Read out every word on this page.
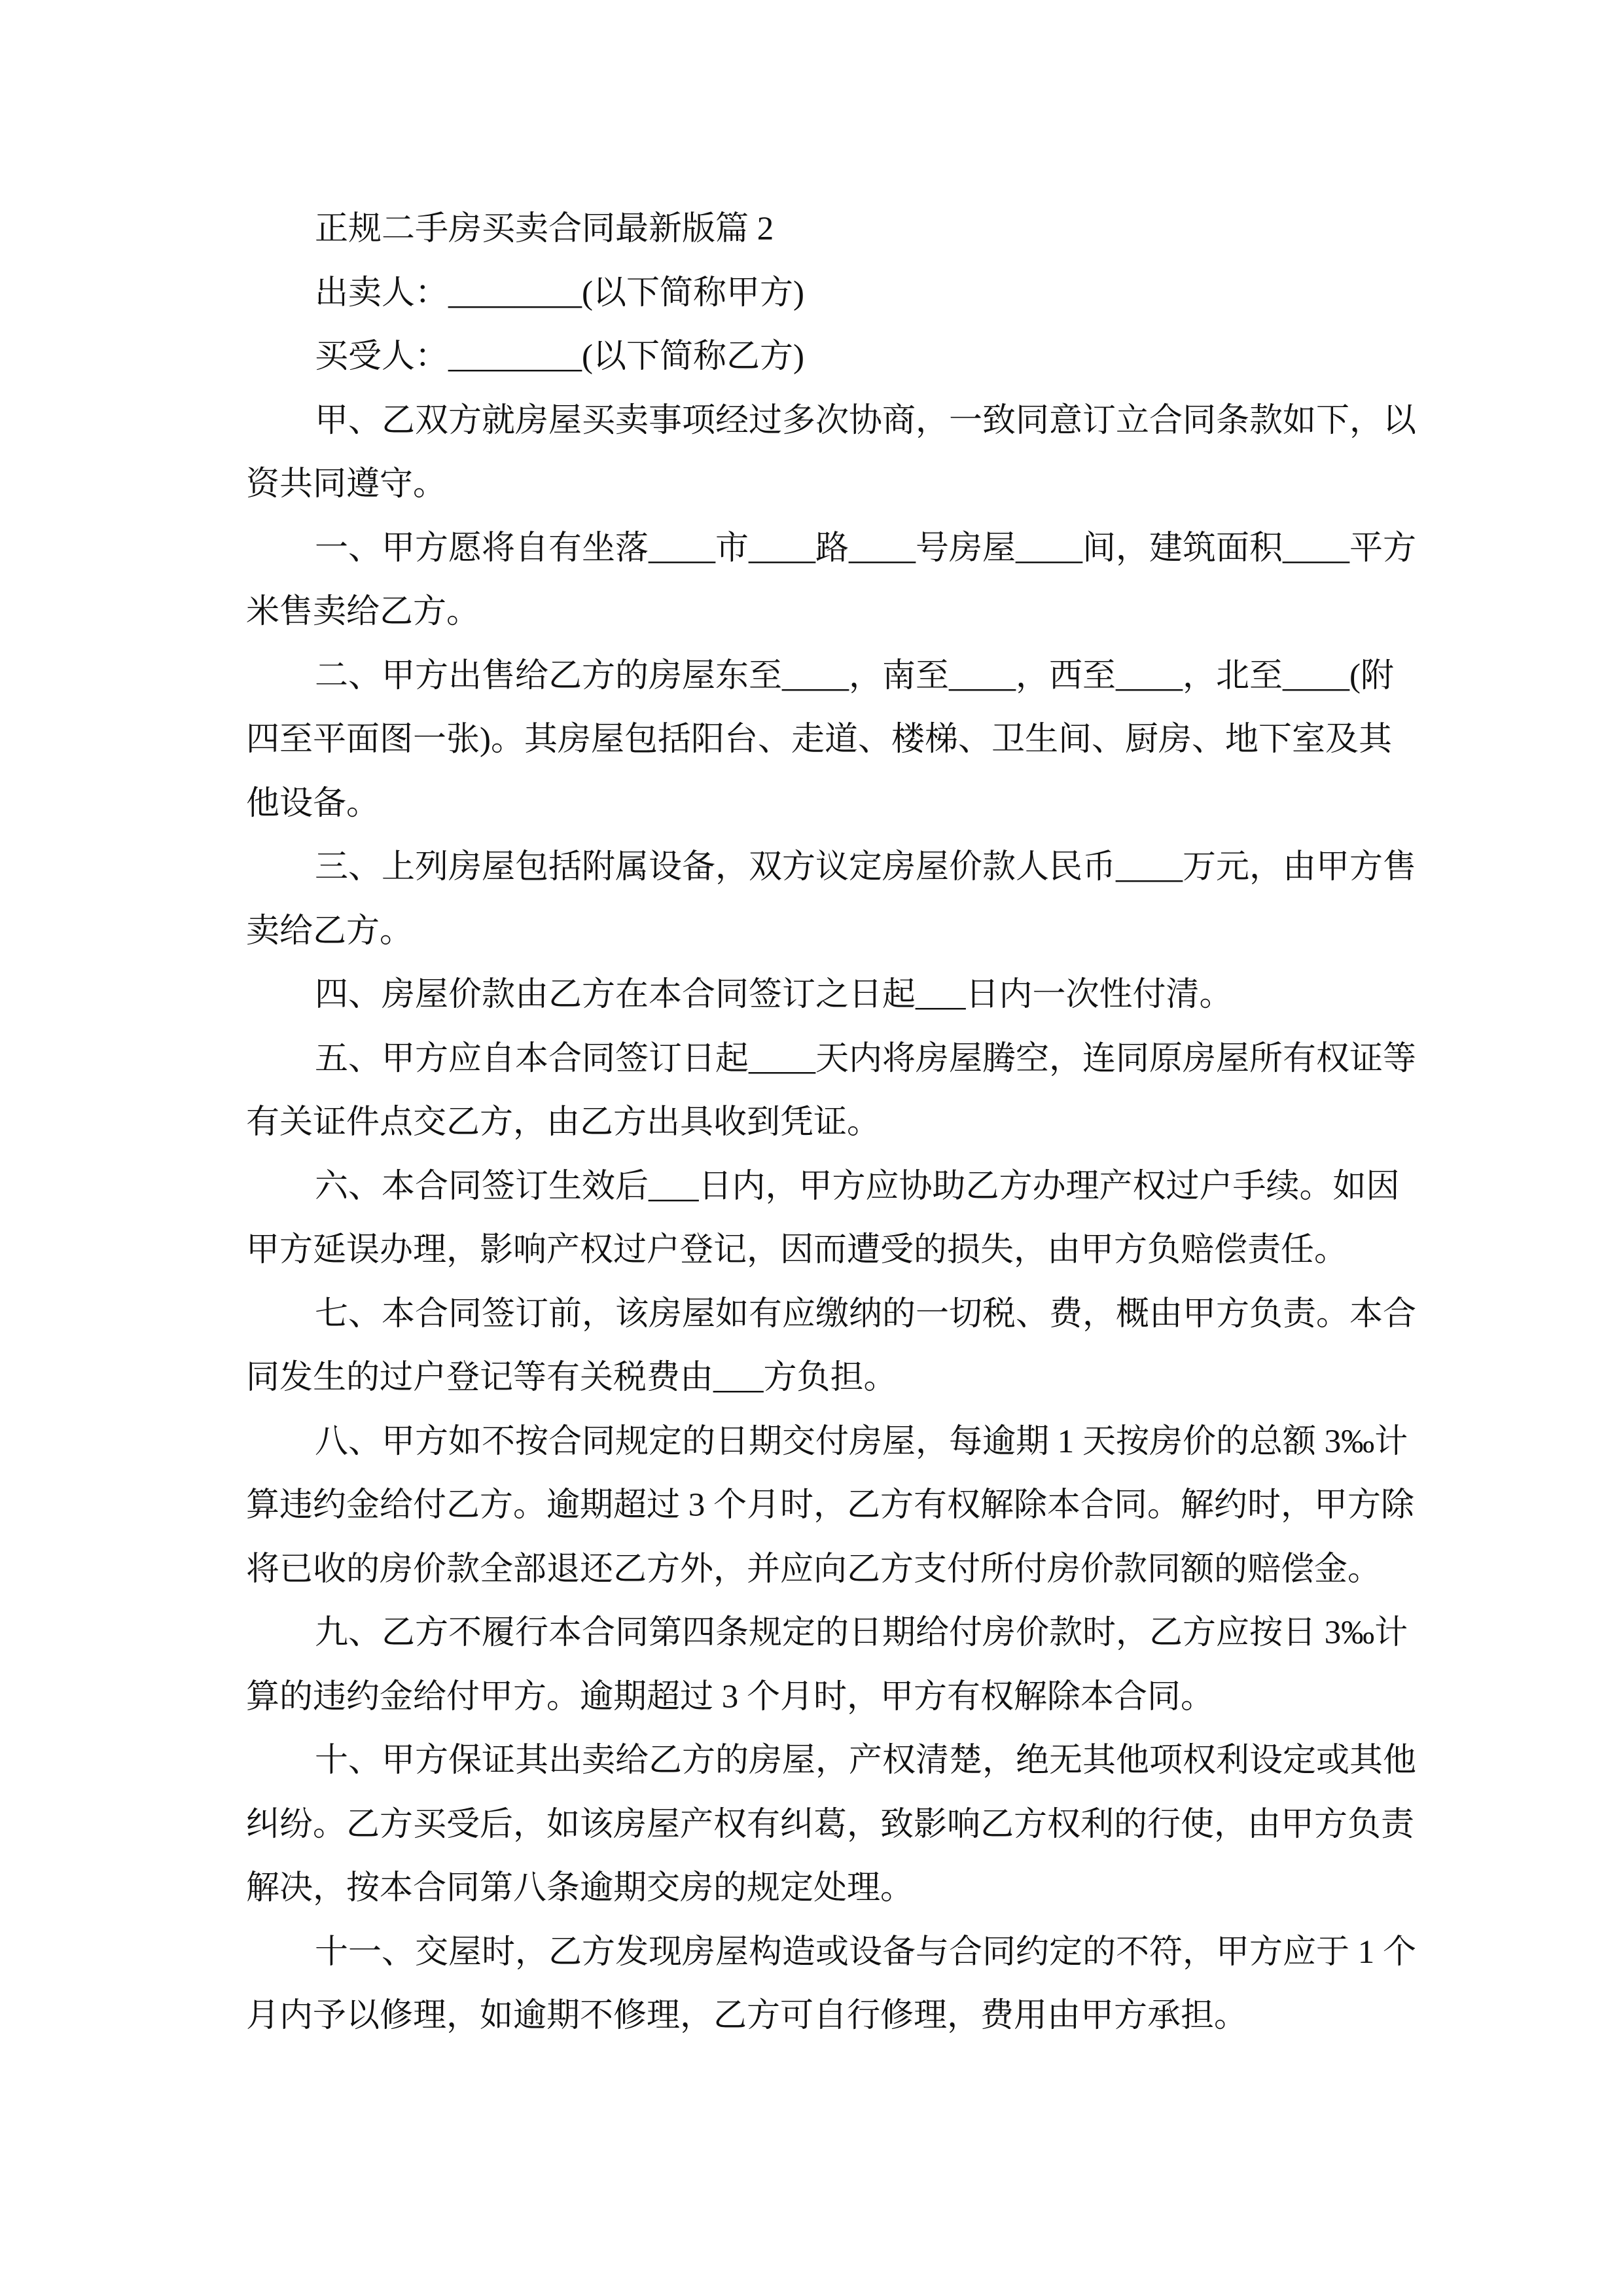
正规二手房买卖合同最新版篇 2
出卖人：________(以下简称甲方)
买受人：________(以下简称乙方)
甲、乙双方就房屋买卖事项经过多次协商，一致同意订立合同条款如下，以
资共同遵守。
一、甲方愿将自有坐落____市____路____号房屋____间，建筑面积____平方
米售卖给乙方。
二、甲方出售给乙方的房屋东至____，南至____，西至____，北至____(附
四至平面图一张)。其房屋包括阳台、走道、楼梯、卫生间、厨房、地下室及其
他设备。
三、上列房屋包括附属设备，双方议定房屋价款人民币____万元，由甲方售
卖给乙方。
四、房屋价款由乙方在本合同签订之日起___日内一次性付清。
五、甲方应自本合同签订日起____天内将房屋腾空，连同原房屋所有权证等
有关证件点交乙方，由乙方出具收到凭证。
六、本合同签订生效后___日内，甲方应协助乙方办理产权过户手续。如因
甲方延误办理，影响产权过户登记，因而遭受的损失，由甲方负赔偿责任。
七、本合同签订前，该房屋如有应缴纳的一切税、费，概由甲方负责。本合
同发生的过户登记等有关税费由___方负担。
八、甲方如不按合同规定的日期交付房屋，每逾期 1 天按房价的总额 3‰计
算违约金给付乙方。逾期超过 3 个月时，乙方有权解除本合同。解约时，甲方除
将已收的房价款全部退还乙方外，并应向乙方支付所付房价款同额的赔偿金。
九、乙方不履行本合同第四条规定的日期给付房价款时，乙方应按日 3‰计
算的违约金给付甲方。逾期超过 3 个月时，甲方有权解除本合同。
十、甲方保证其出卖给乙方的房屋，产权清楚，绝无其他项权利设定或其他
纠纷。乙方买受后，如该房屋产权有纠葛，致影响乙方权利的行使，由甲方负责
解决，按本合同第八条逾期交房的规定处理。
十一、交屋时，乙方发现房屋构造或设备与合同约定的不符，甲方应于 1 个
月内予以修理，如逾期不修理，乙方可自行修理，费用由甲方承担。
